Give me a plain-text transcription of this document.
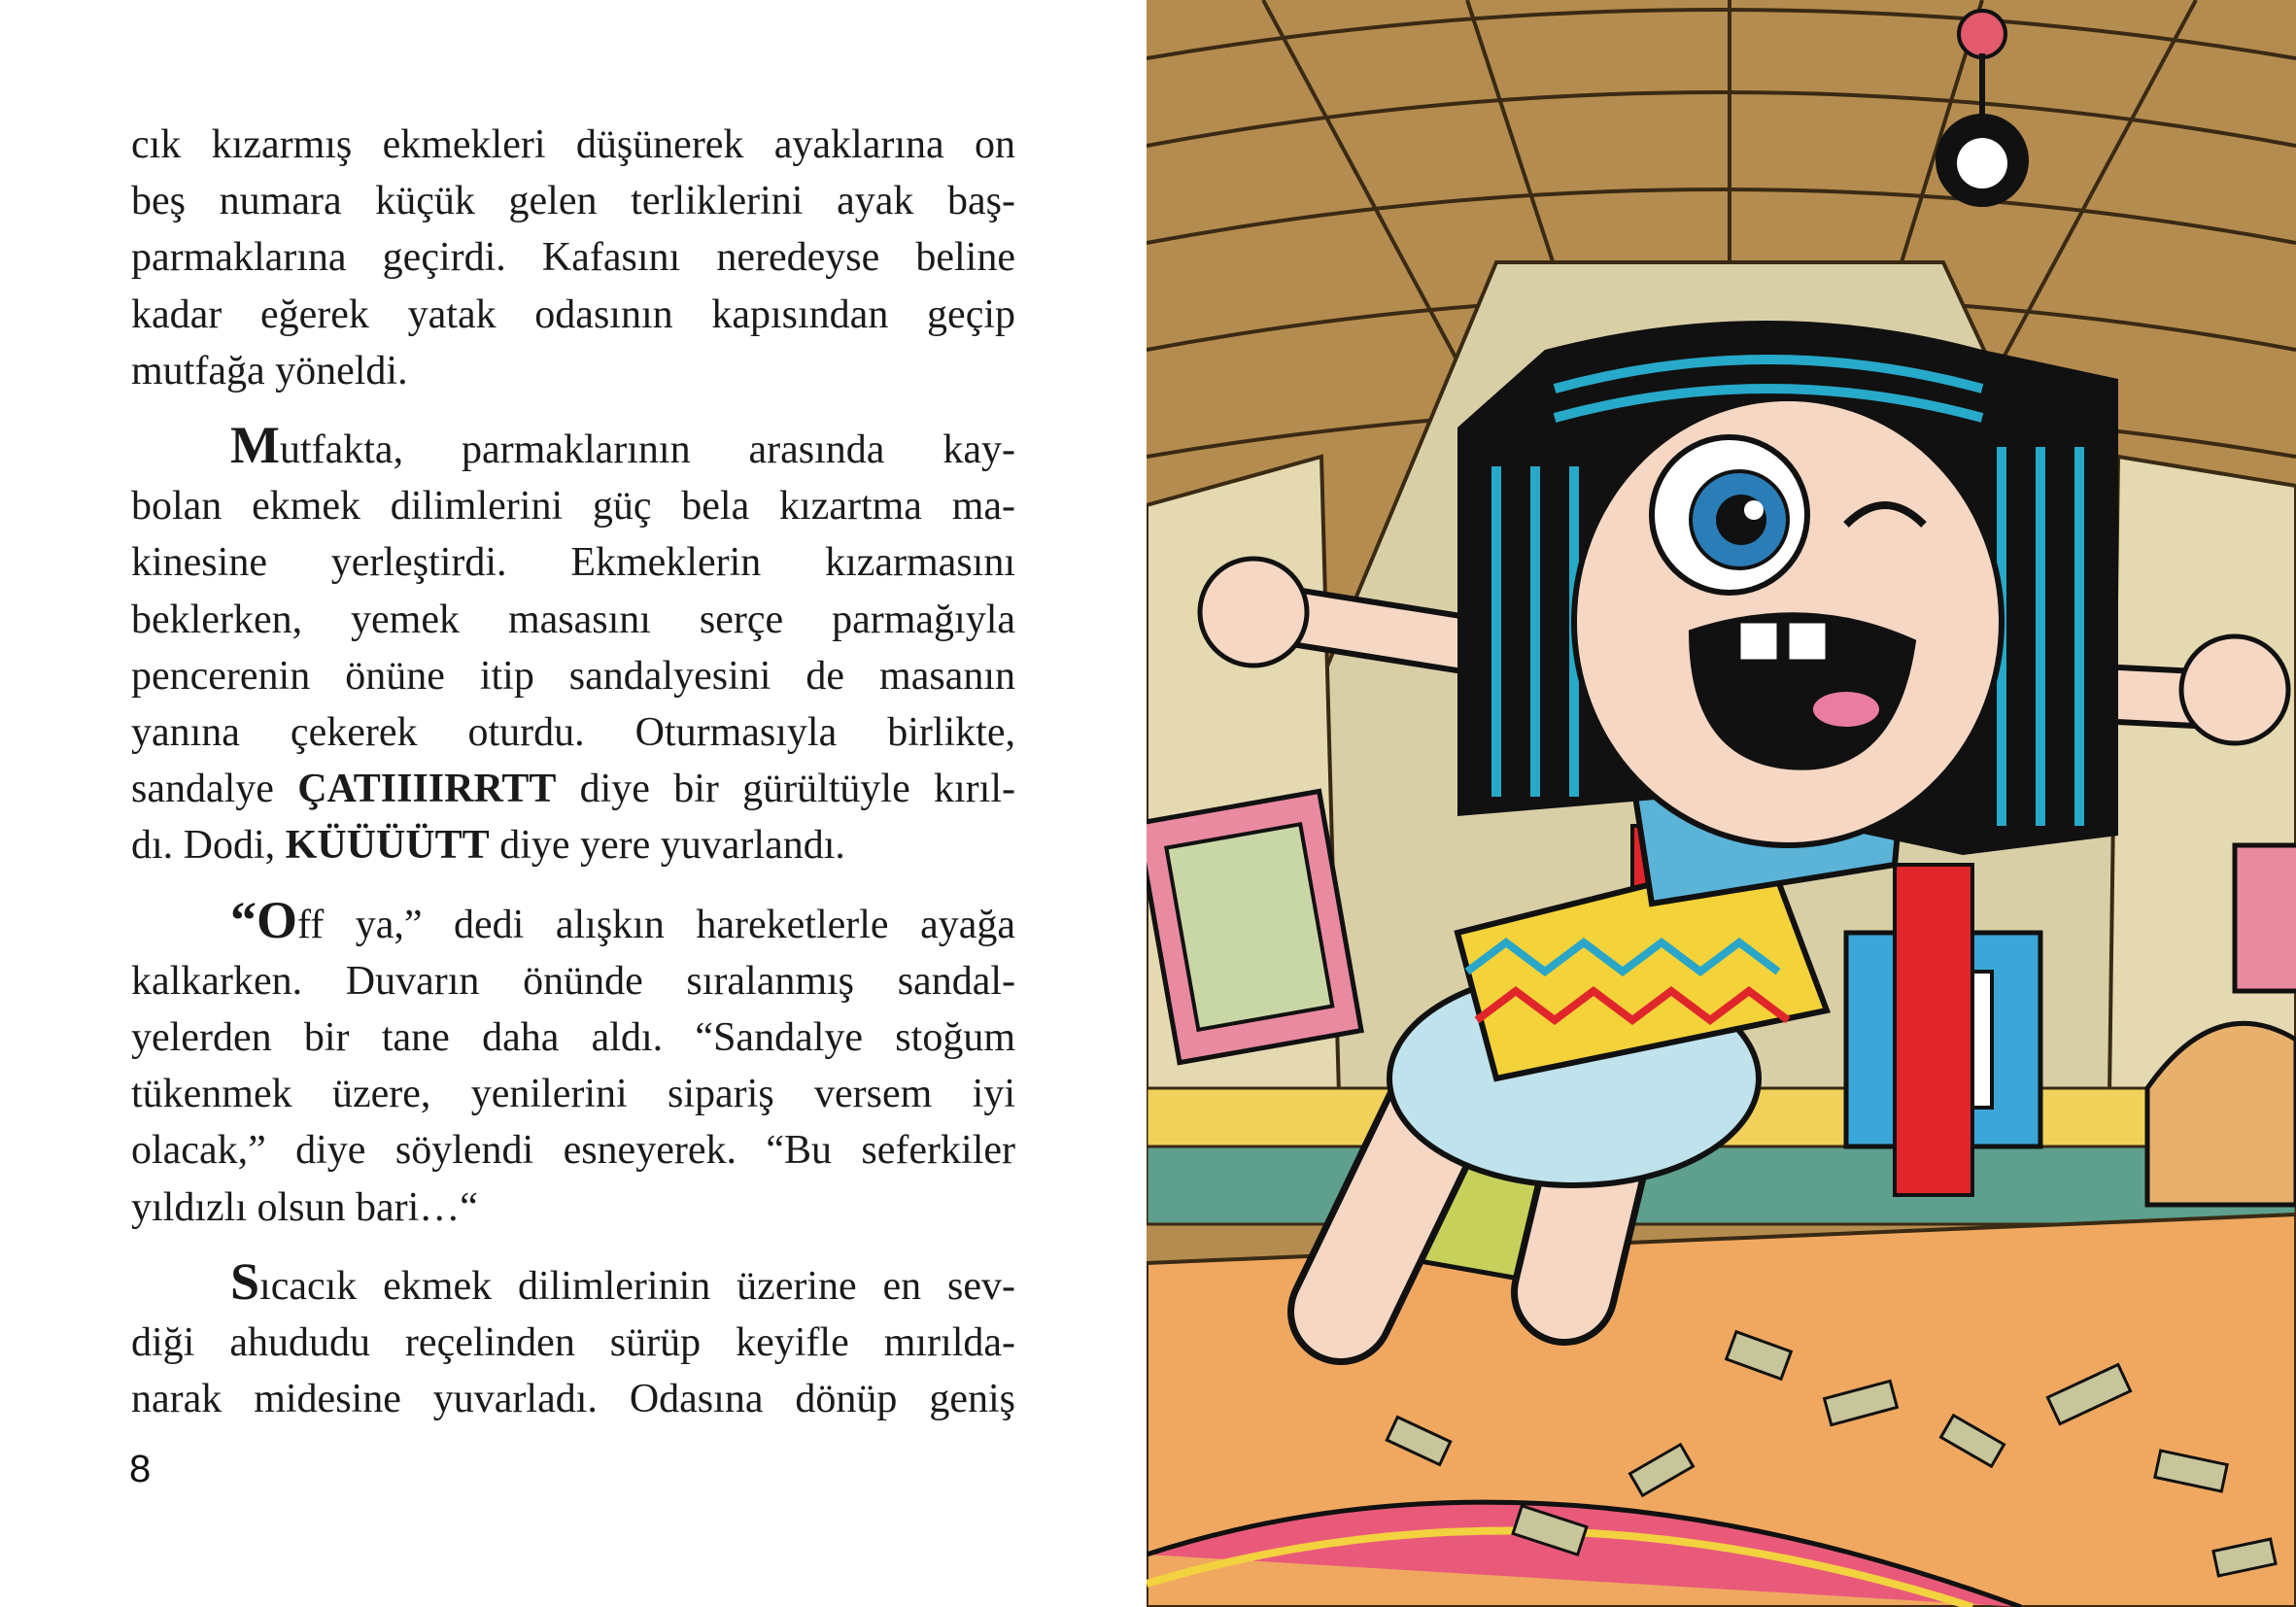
cık kızarmış ekmekleri düşünerek ayaklarına on
beş numara küçük gelen terliklerini ayak baş-
parmaklarına geçirdi. Kafasını neredeyse beline
kadar eğerek yatak odasının kapısından geçip
mutfağa yöneldi.
Mutfakta, parmaklarının arasında kay-
bolan ekmek dilimlerini güç bela kızartma ma-
kinesine yerleştirdi. Ekmeklerin kızarmasını
beklerken, yemek masasını serçe parmağıyla
pencerenin önüne itip sandalyesini de masanın
yanına çekerek oturdu. Oturmasıyla birlikte,
sandalye ÇATIIIIRRTT diye bir gürültüyle kırıl-
dı. Dodi, KÜÜÜÜTT diye yere yuvarlandı.
“Off ya,” dedi alışkın hareketlerle ayağa
kalkarken. Duvarın önünde sıralanmış sandal-
yelerden bir tane daha aldı. “Sandalye stoğum
tükenmek üzere, yenilerini sipariş versem iyi
olacak,” diye söylendi esneyerek. “Bu seferkiler
yıldızlı olsun bari…“
Sıcacık ekmek dilimlerinin üzerine en sev-
diği ahududu reçelinden sürüp keyifle mırılda-
narak midesine yuvarladı. Odasına dönüp geniş
8
